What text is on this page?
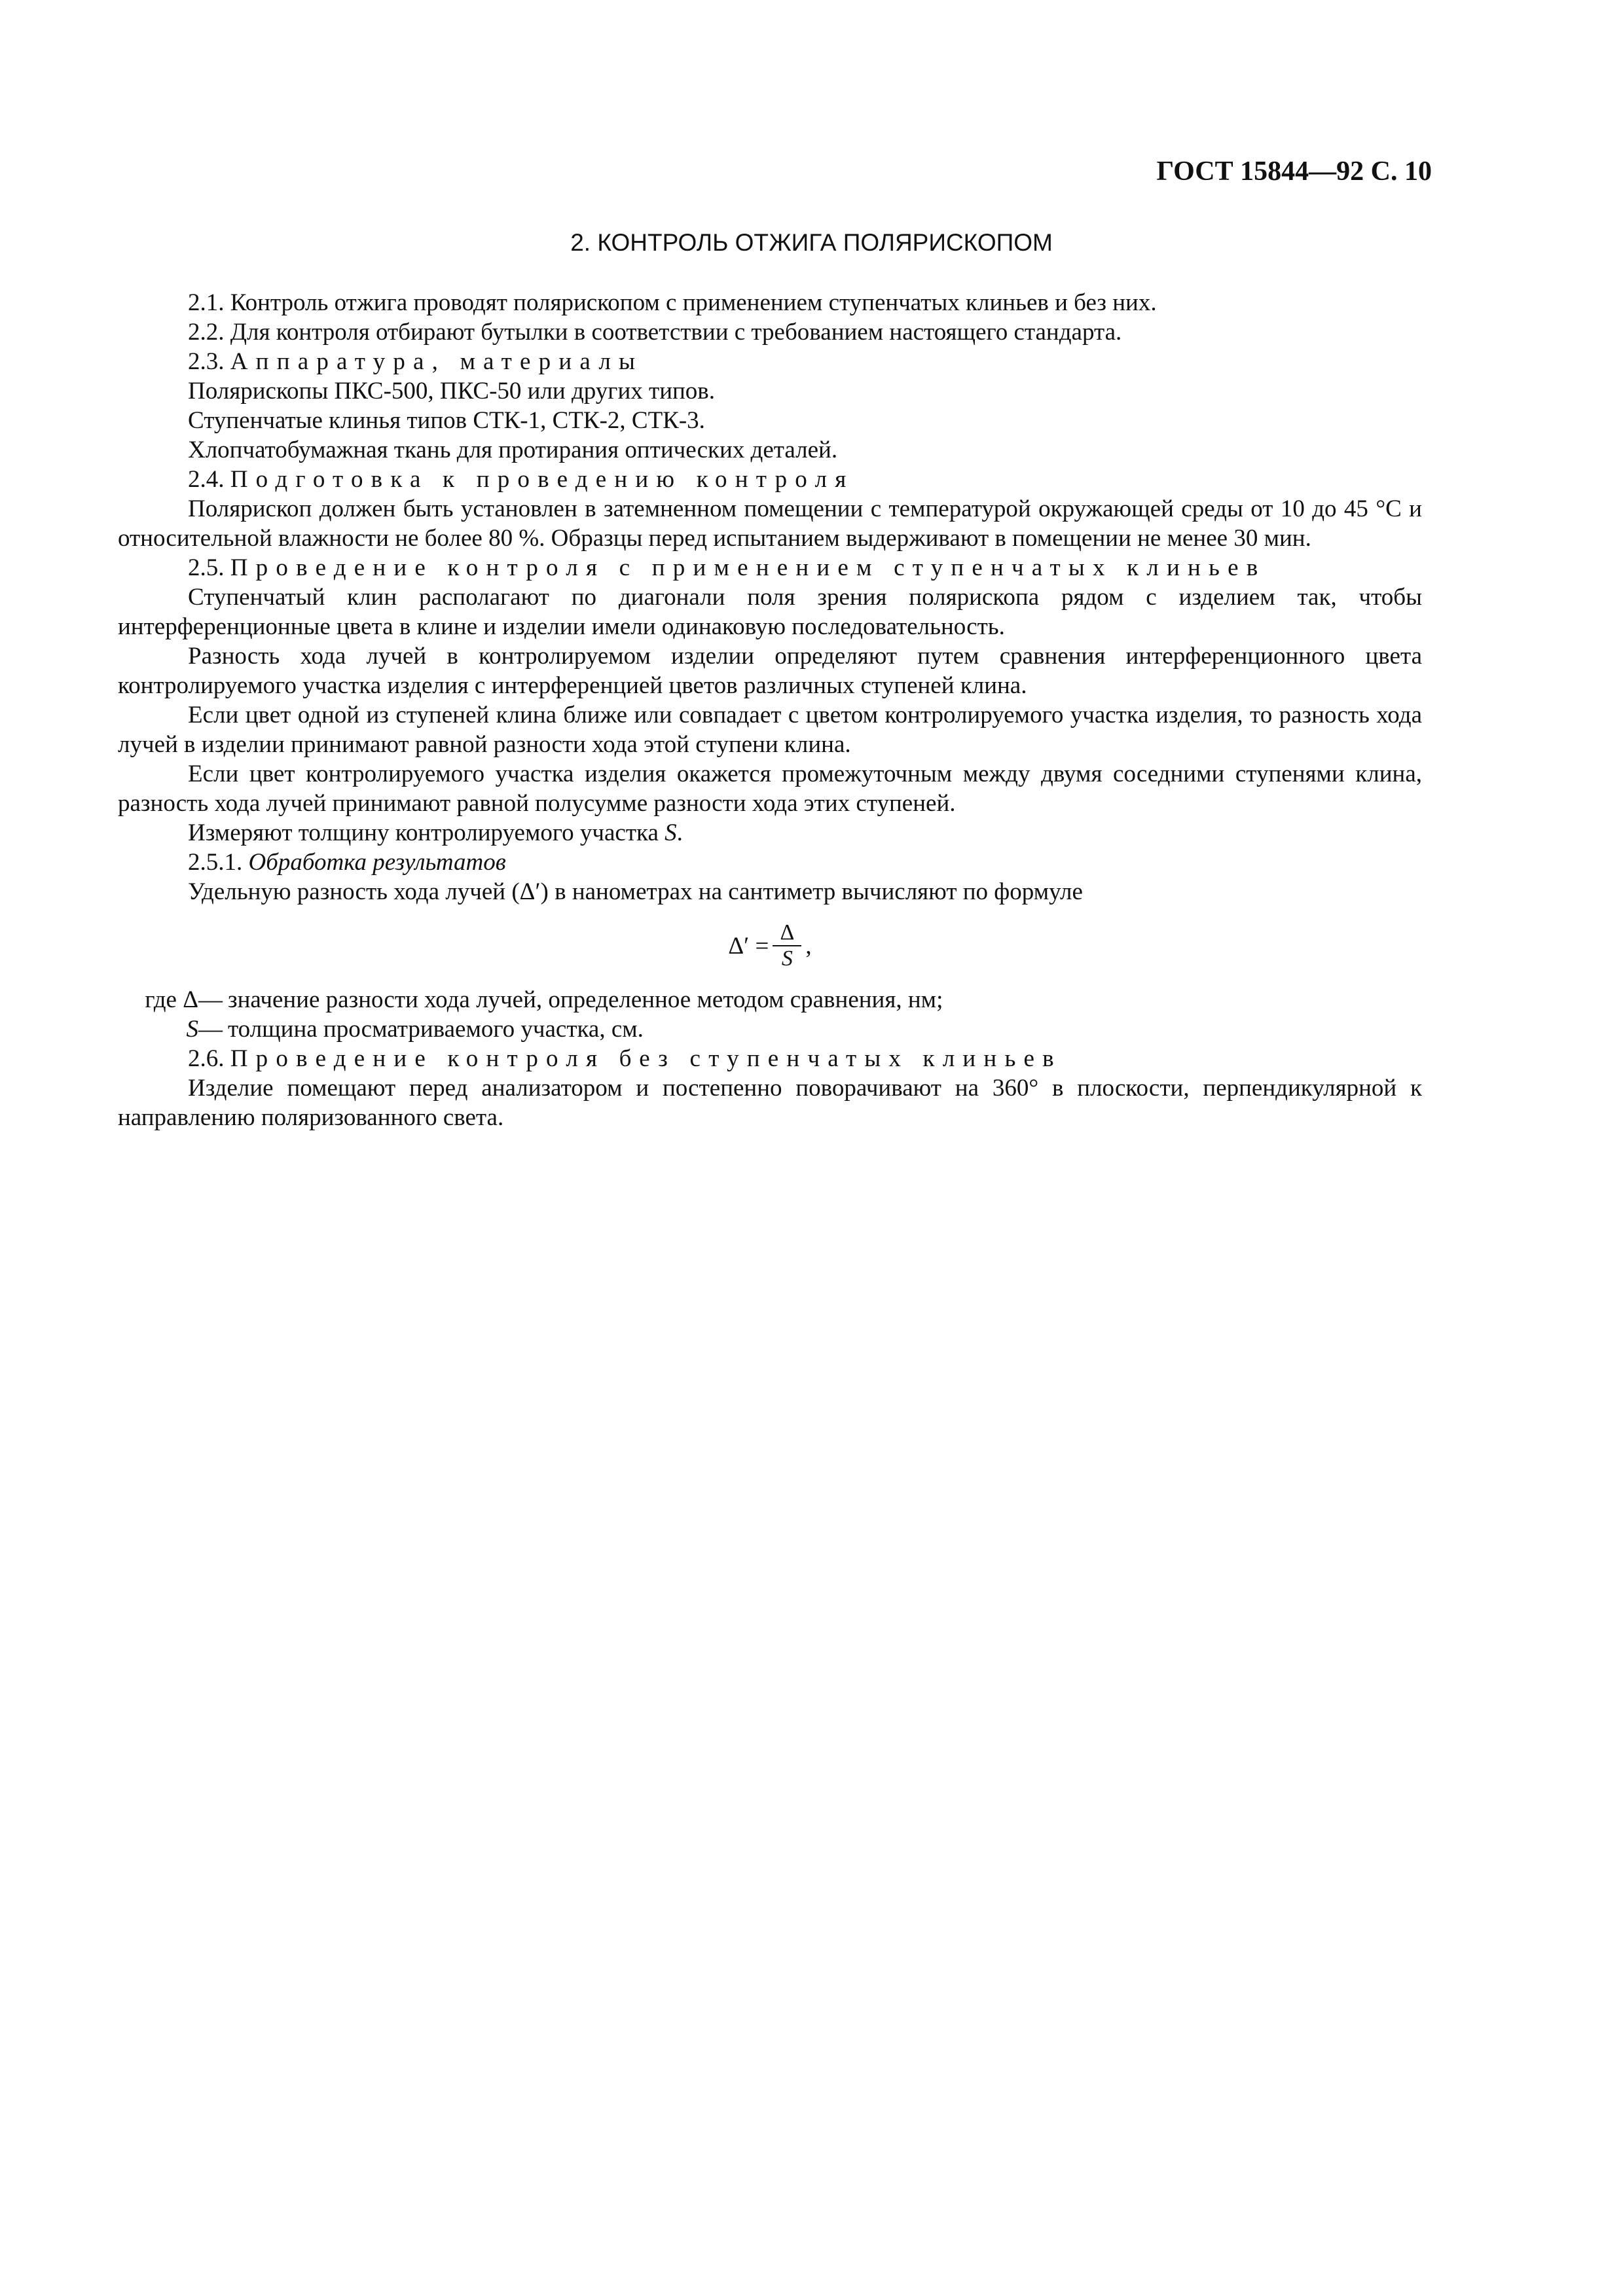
ГОСТ 15844—92 С. 10
2. КОНТРОЛЬ ОТЖИГА ПОЛЯРИСКОПОМ

2.1. Контроль отжига проводят полярископом с применением ступенчатых клиньев и без них.

2.2. Для контроля отбирают бутылки в соответствии с требованием настоящего стандарта.

2.3. Аппаратура, материалы

Полярископы ПКС-500, ПКС-50 или других типов.

Ступенчатые клинья типов СТК-1, СТК-2, СТК-3.

Хлопчатобумажная ткань для протирания оптических деталей.

2.4. Подготовка к проведению контроля

Полярископ должен быть установлен в затемненном помещении с температурой окружающей среды от 10 до 45 °С и относительной влажности не более 80 %. Образцы перед испытанием выдерживают в помещении не менее 30 мин.

2.5. Проведение контроля с применением ступенчатых клиньев

Ступенчатый клин располагают по диагонали поля зрения полярископа рядом с изделием так, чтобы интерференционные цвета в клине и изделии имели одинаковую последовательность.

Разность хода лучей в контролируемом изделии определяют путем сравнения интерференционного цвета контролируемого участка изделия с интерференцией цветов различных ступеней клина.

Если цвет одной из ступеней клина ближе или совпадает с цветом контролируемого участка изделия, то разность хода лучей в изделии принимают равной разности хода этой ступени клина.

Если цвет контролируемого участка изделия окажется промежуточным между двумя соседними ступенями клина, разность хода лучей принимают равной полусумме разности хода этих ступеней.

Измеряют толщину контролируемого участка S.

2.5.1. Обработка результатов

Удельную разность хода лучей (Δ′) в нанометрах на сантиметр вычисляют по формуле

$\Delta' = \frac{\Delta}{S}$ ,
где Δ— значение разности хода лучей, определенное методом сравнения, нм;
S— толщина просматриваемого участка, см.

2.6. Проведение контроля без ступенчатых клиньев

Изделие помещают перед анализатором и постепенно поворачивают на 360° в плоскости, перпендикулярной к направлению поляризованного света.
